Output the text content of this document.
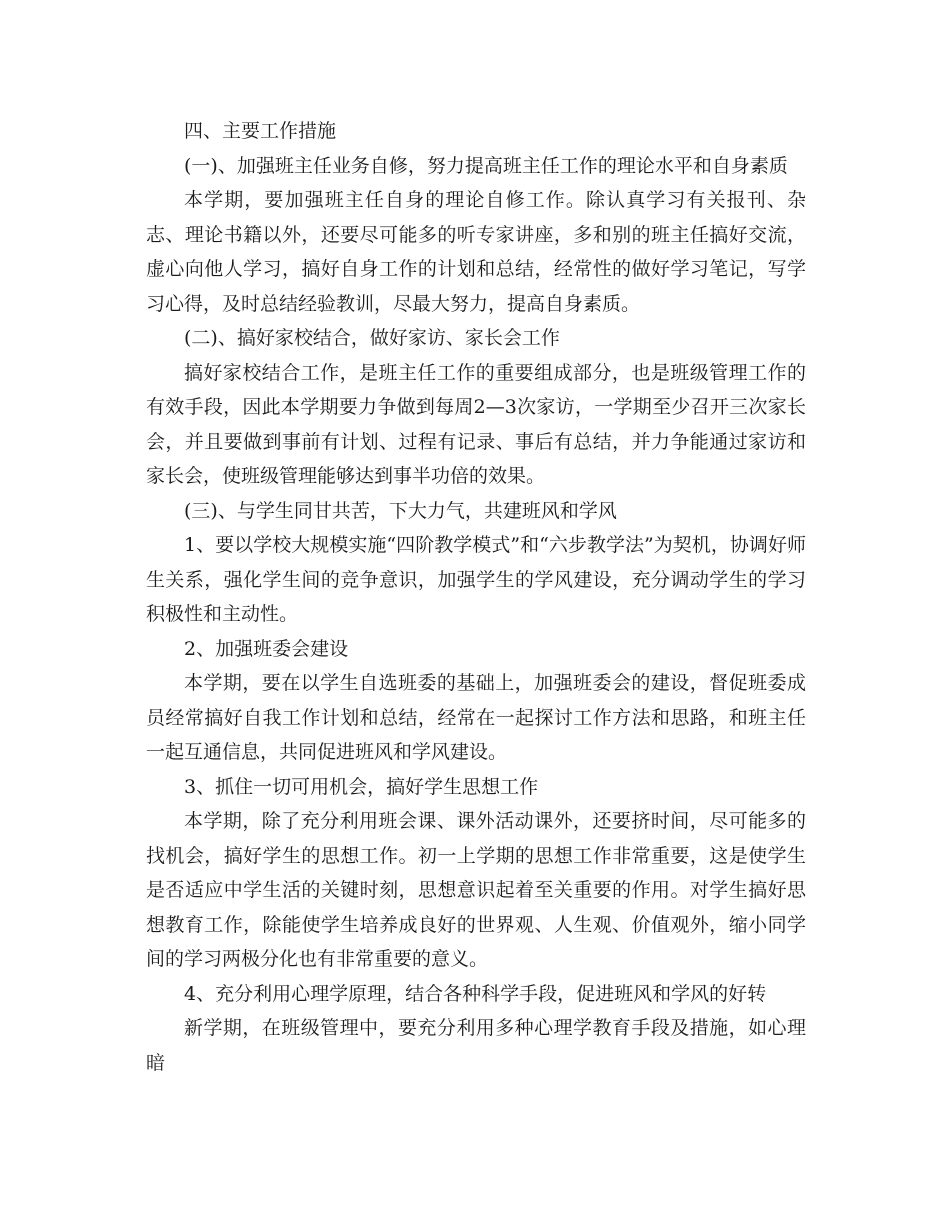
四、主要工作措施

(一)、加强班主任业务自修，努力提高班主任工作的理论水平和自身素质

本学期，要加强班主任自身的理论自修工作。除认真学习有关报刊、杂志、理论书籍以外，还要尽可能多的听专家讲座，多和别的班主任搞好交流，虚心向他人学习，搞好自身工作的计划和总结，经常性的做好学习笔记，写学习心得，及时总结经验教训，尽最大努力，提高自身素质。

(二)、搞好家校结合，做好家访、家长会工作

搞好家校结合工作，是班主任工作的重要组成部分，也是班级管理工作的有效手段，因此本学期要力争做到每周2—3次家访，一学期至少召开三次家长会，并且要做到事前有计划、过程有记录、事后有总结，并力争能通过家访和家长会，使班级管理能够达到事半功倍的效果。

(三)、与学生同甘共苦，下大力气，共建班风和学风

1、要以学校大规模实施“四阶教学模式”和“六步教学法”为契机，协调好师生关系，强化学生间的竞争意识，加强学生的学风建设，充分调动学生的学习积极性和主动性。

2、加强班委会建设

本学期，要在以学生自选班委的基础上，加强班委会的建设，督促班委成员经常搞好自我工作计划和总结，经常在一起探讨工作方法和思路，和班主任一起互通信息，共同促进班风和学风建设。

3、抓住一切可用机会，搞好学生思想工作

本学期，除了充分利用班会课、课外活动课外，还要挤时间，尽可能多的找机会，搞好学生的思想工作。初一上学期的思想工作非常重要，这是使学生是否适应中学生活的关键时刻，思想意识起着至关重要的作用。对学生搞好思想教育工作，除能使学生培养成良好的世界观、人生观、价值观外，缩小同学间的学习两极分化也有非常重要的意义。

4、充分利用心理学原理，结合各种科学手段，促进班风和学风的好转

新学期，在班级管理中，要充分利用多种心理学教育手段及措施，如心理暗
